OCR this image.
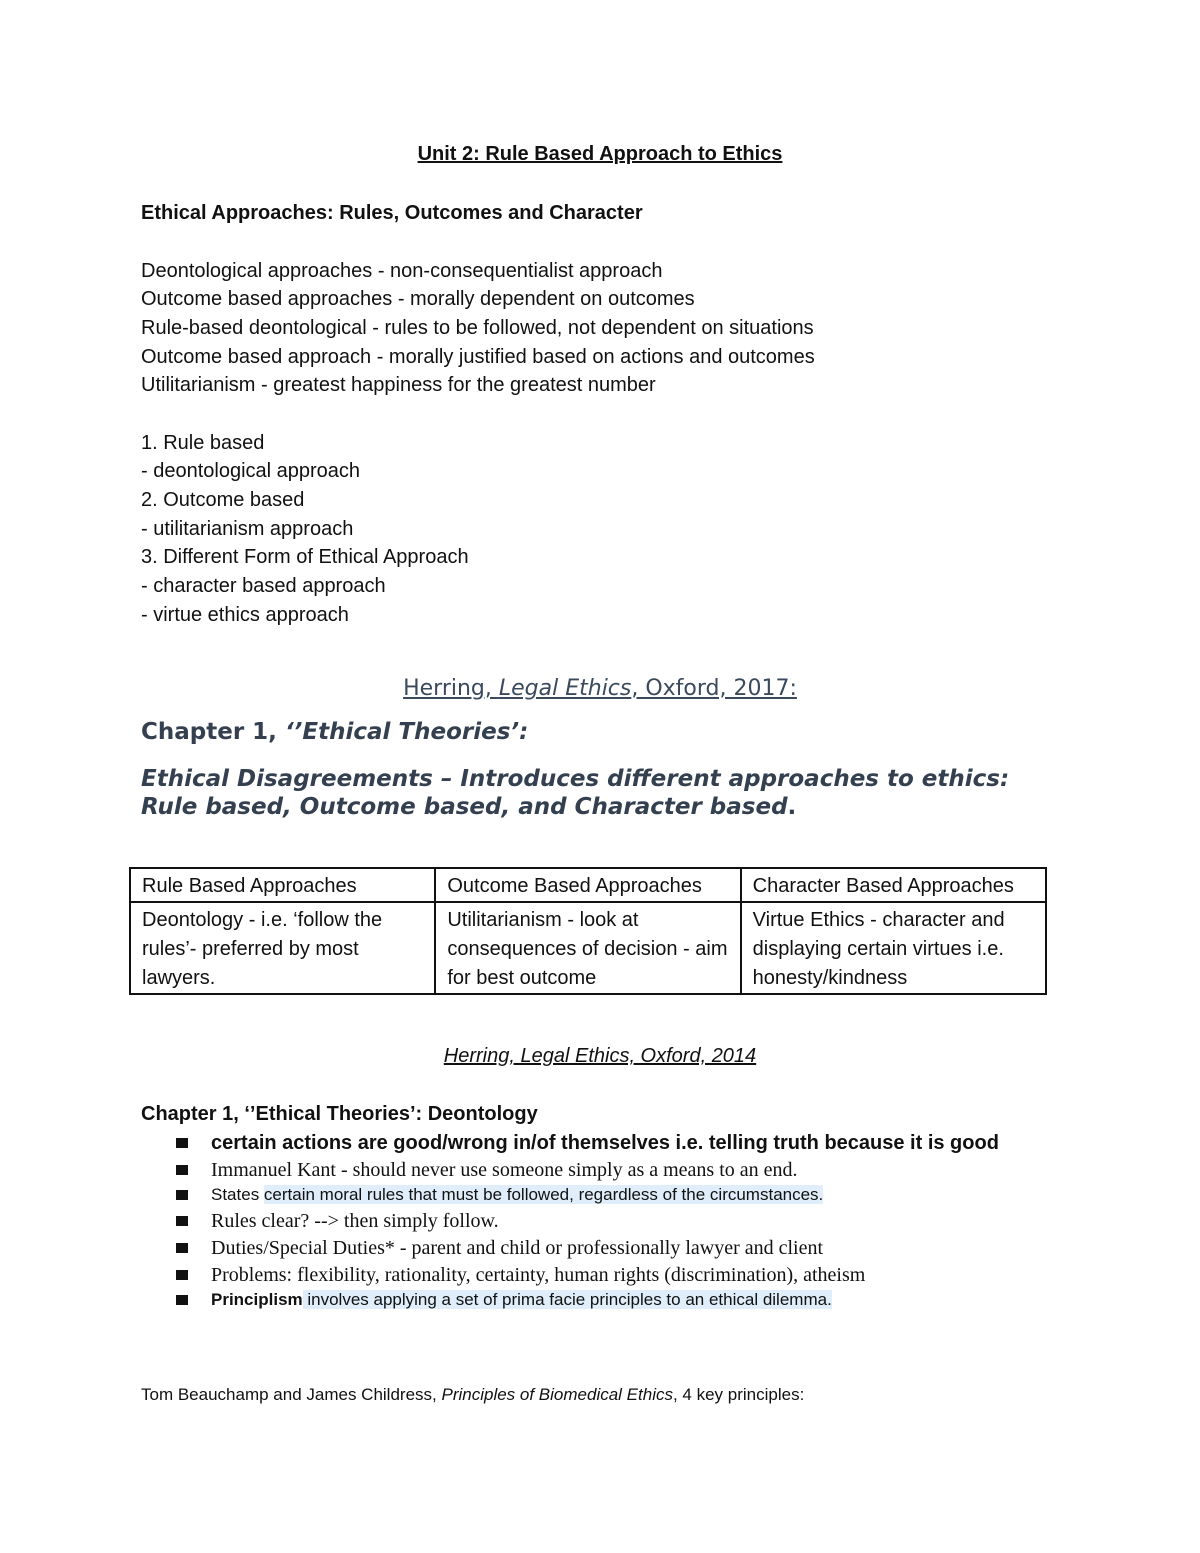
Unit 2: Rule Based Approach to Ethics
Ethical Approaches: Rules, Outcomes and Character
Deontological approaches - non-consequentialist approach
Outcome based approaches - morally dependent on outcomes
Rule-based deontological - rules to be followed, not dependent on situations
Outcome based approach - morally justified based on actions and outcomes
Utilitarianism - greatest happiness for the greatest number
1. Rule based
- deontological approach
2. Outcome based
- utilitarianism approach
3. Different Form of Ethical Approach
- character based approach
- virtue ethics approach
Herring, Legal Ethics, Oxford, 2017:
Chapter 1, ‘’Ethical Theories’:
Ethical Disagreements – Introduces different approaches to ethics: Rule based, Outcome based, and Character based.
Rule Based Approaches	Outcome Based Approaches	Character Based Approaches
Deontology - i.e. ‘follow the rules’- preferred by most lawyers.	Utilitarianism - look at consequences of decision - aim for best outcome	Virtue Ethics - character and displaying certain virtues i.e. honesty/kindness
Herring, Legal Ethics, Oxford, 2014
Chapter 1, ‘’Ethical Theories’: Deontology
certain actions are good/wrong in/of themselves i.e. telling truth because it is good
Immanuel Kant - should never use someone simply as a means to an end.
States certain moral rules that must be followed, regardless of the circumstances.
Rules clear? --> then simply follow.
Duties/Special Duties* - parent and child or professionally lawyer and client
Problems: flexibility, rationality, certainty, human rights (discrimination), atheism
Principlism involves applying a set of prima facie principles to an ethical dilemma.
Tom Beauchamp and James Childress, Principles of Biomedical Ethics, 4 key principles:
